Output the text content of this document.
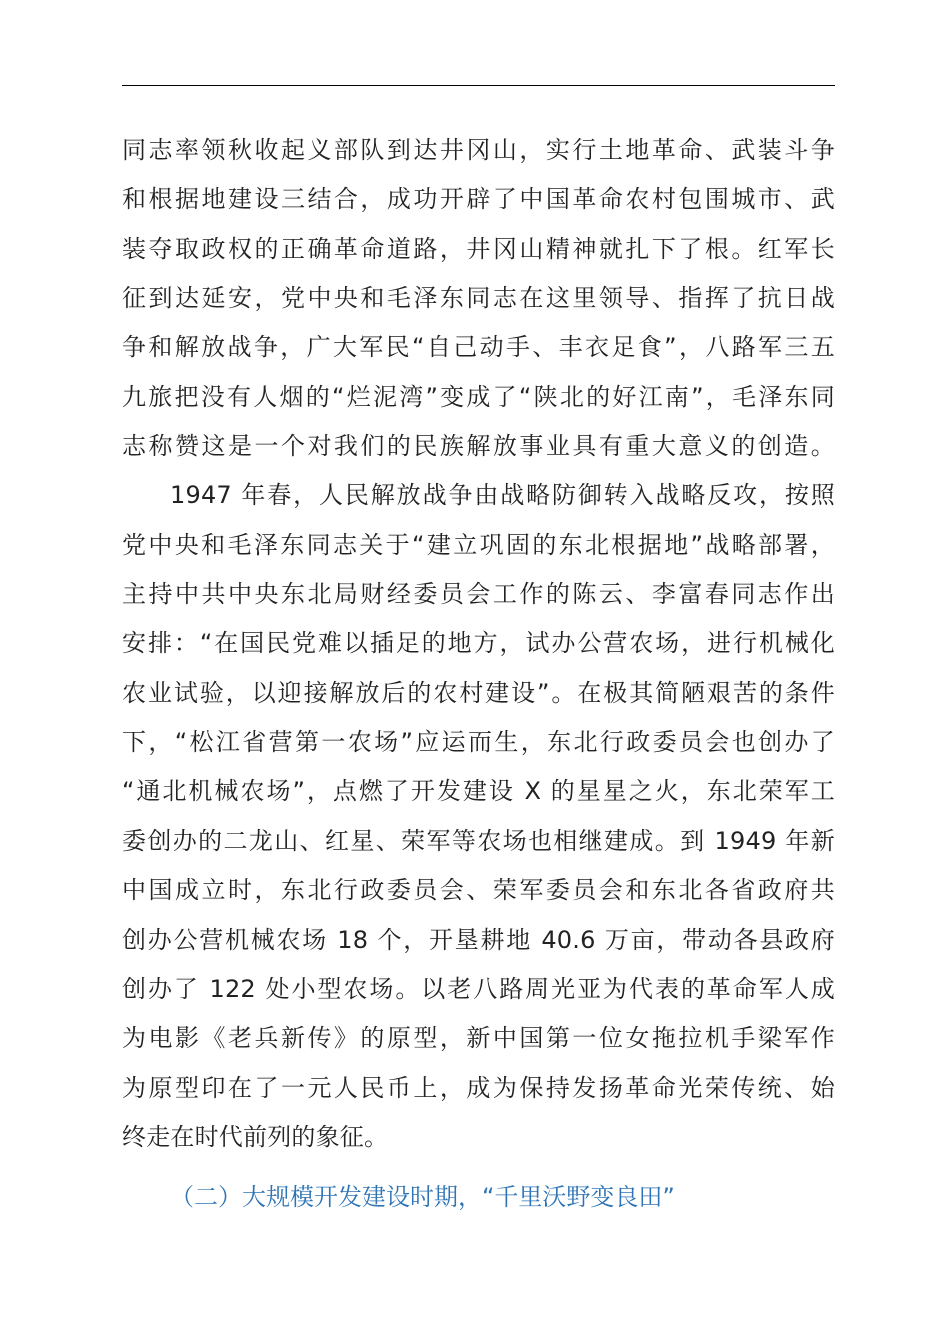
同志率领秋收起义部队到达井冈山，实行土地革命、武装斗争
和根据地建设三结合，成功开辟了中国革命农村包围城市、武
装夺取政权的正确革命道路，井冈山精神就扎下了根。红军长
征到达延安，党中央和毛泽东同志在这里领导、指挥了抗日战
争和解放战争，广大军民“自己动手、丰衣足食”，八路军三五
九旅把没有人烟的“烂泥湾”变成了“陕北的好江南”，毛泽东同
志称赞这是一个对我们的民族解放事业具有重大意义的创造。
1947 年春，人民解放战争由战略防御转入战略反攻，按照
党中央和毛泽东同志关于“建立巩固的东北根据地”战略部署，
主持中共中央东北局财经委员会工作的陈云、李富春同志作出
安排：“在国民党难以插足的地方，试办公营农场，进行机械化
农业试验，以迎接解放后的农村建设”。在极其简陋艰苦的条件
下，“松江省营第一农场”应运而生，东北行政委员会也创办了
“通北机械农场”，点燃了开发建设 X 的星星之火，东北荣军工
委创办的二龙山、红星、荣军等农场也相继建成。到 1949 年新
中国成立时，东北行政委员会、荣军委员会和东北各省政府共
创办公营机械农场 18 个，开垦耕地 40.6 万亩，带动各县政府
创办了 122 处小型农场。以老八路周光亚为代表的革命军人成
为电影《老兵新传》的原型，新中国第一位女拖拉机手梁军作
为原型印在了一元人民币上，成为保持发扬革命光荣传统、始
终走在时代前列的象征。
（二）大规模开发建设时期，“千里沃野变良田”
